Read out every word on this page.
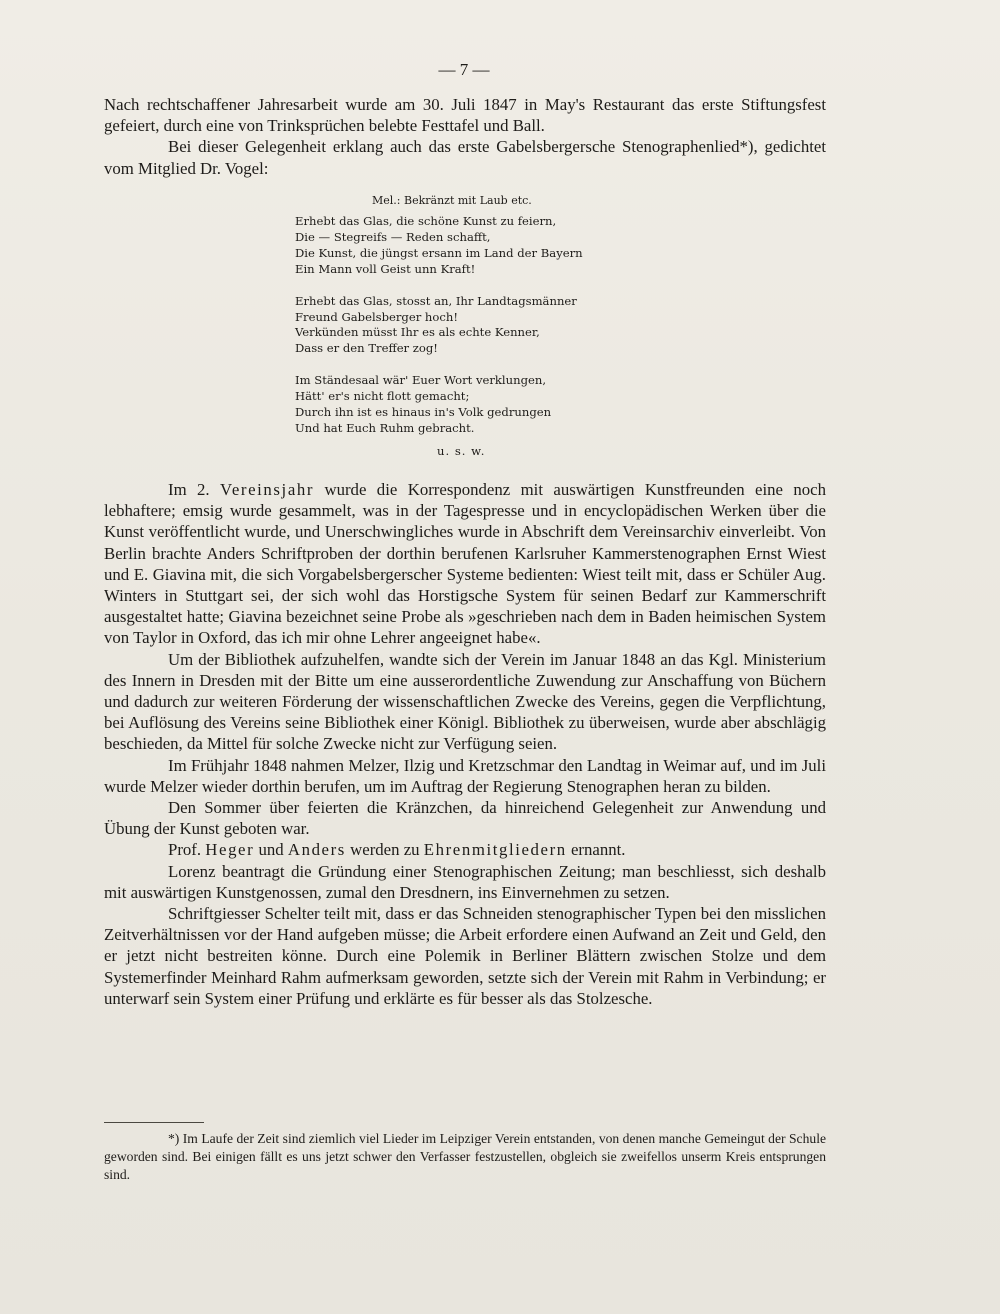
— 7 —

Nach rechtschaffener Jahresarbeit wurde am 30. Juli 1847 in May's Restaurant das erste Stiftungsfest gefeiert, durch eine von Trinksprüchen belebte Festtafel und Ball.

Bei dieser Gelegenheit erklang auch das erste Gabelsbergersche Stenographenlied*), gedichtet vom Mitglied Dr. Vogel:

Mel.: Bekränzt mit Laub etc.
Erhebt das Glas, die schöne Kunst zu feiern,
Die — Stegreifs — Reden schafft,
Die Kunst, die jüngst ersann im Land der Bayern
Ein Mann voll Geist unn Kraft!
Erhebt das Glas, stosst an, Ihr Landtagsmänner
Freund Gabelsberger hoch!
Verkünden müsst Ihr es als echte Kenner,
Dass er den Treffer zog!
Im Ständesaal wär' Euer Wort verklungen,
Hätt' er's nicht flott gemacht;
Durch ihn ist es hinaus in's Volk gedrungen
Und hat Euch Ruhm gebracht.
u. s. w.

Im 2. Vereinsjahr wurde die Korrespondenz mit auswärtigen Kunstfreunden eine noch lebhaftere; emsig wurde gesammelt, was in der Tagespresse und in encyclopädischen Werken über die Kunst veröffentlicht wurde, und Unerschwingliches wurde in Abschrift dem Vereinsarchiv einverleibt. Von Berlin brachte Anders Schriftproben der dorthin berufenen Karlsruher Kammerstenographen Ernst Wiest und E. Giavina mit, die sich Vorgabelsbergerscher Systeme bedienten: Wiest teilt mit, dass er Schüler Aug. Winters in Stuttgart sei, der sich wohl das Horstigsche System für seinen Bedarf zur Kammerschrift ausgestaltet hatte; Giavina bezeichnet seine Probe als »geschrieben nach dem in Baden heimischen System von Taylor in Oxford, das ich mir ohne Lehrer angeeignet habe«.

Um der Bibliothek aufzuhelfen, wandte sich der Verein im Januar 1848 an das Kgl. Ministerium des Innern in Dresden mit der Bitte um eine ausserordentliche Zuwendung zur Anschaffung von Büchern und dadurch zur weiteren Förderung der wissenschaftlichen Zwecke des Vereins, gegen die Verpflichtung, bei Auflösung des Vereins seine Bibliothek einer Königl. Bibliothek zu überweisen, wurde aber abschlägig beschieden, da Mittel für solche Zwecke nicht zur Verfügung seien.

Im Frühjahr 1848 nahmen Melzer, Ilzig und Kretzschmar den Landtag in Weimar auf, und im Juli wurde Melzer wieder dorthin berufen, um im Auftrag der Regierung Stenographen heran zu bilden.

Den Sommer über feierten die Kränzchen, da hinreichend Gelegenheit zur Anwendung und Übung der Kunst geboten war.

Prof. Heger und Anders werden zu Ehrenmitgliedern ernannt.

Lorenz beantragt die Gründung einer Stenographischen Zeitung; man beschliesst, sich deshalb mit auswärtigen Kunstgenossen, zumal den Dresdnern, ins Einvernehmen zu setzen.

Schriftgiesser Schelter teilt mit, dass er das Schneiden stenographischer Typen bei den misslichen Zeitverhältnissen vor der Hand aufgeben müsse; die Arbeit erfordere einen Aufwand an Zeit und Geld, den er jetzt nicht bestreiten könne. Durch eine Polemik in Berliner Blättern zwischen Stolze und dem Systemerfinder Meinhard Rahm aufmerksam geworden, setzte sich der Verein mit Rahm in Verbindung; er unterwarf sein System einer Prüfung und erklärte es für besser als das Stolzesche.

*) Im Laufe der Zeit sind ziemlich viel Lieder im Leipziger Verein entstanden, von denen manche Gemeingut der Schule geworden sind. Bei einigen fällt es uns jetzt schwer den Verfasser festzustellen, obgleich sie zweifellos unserm Kreis entsprungen sind.
